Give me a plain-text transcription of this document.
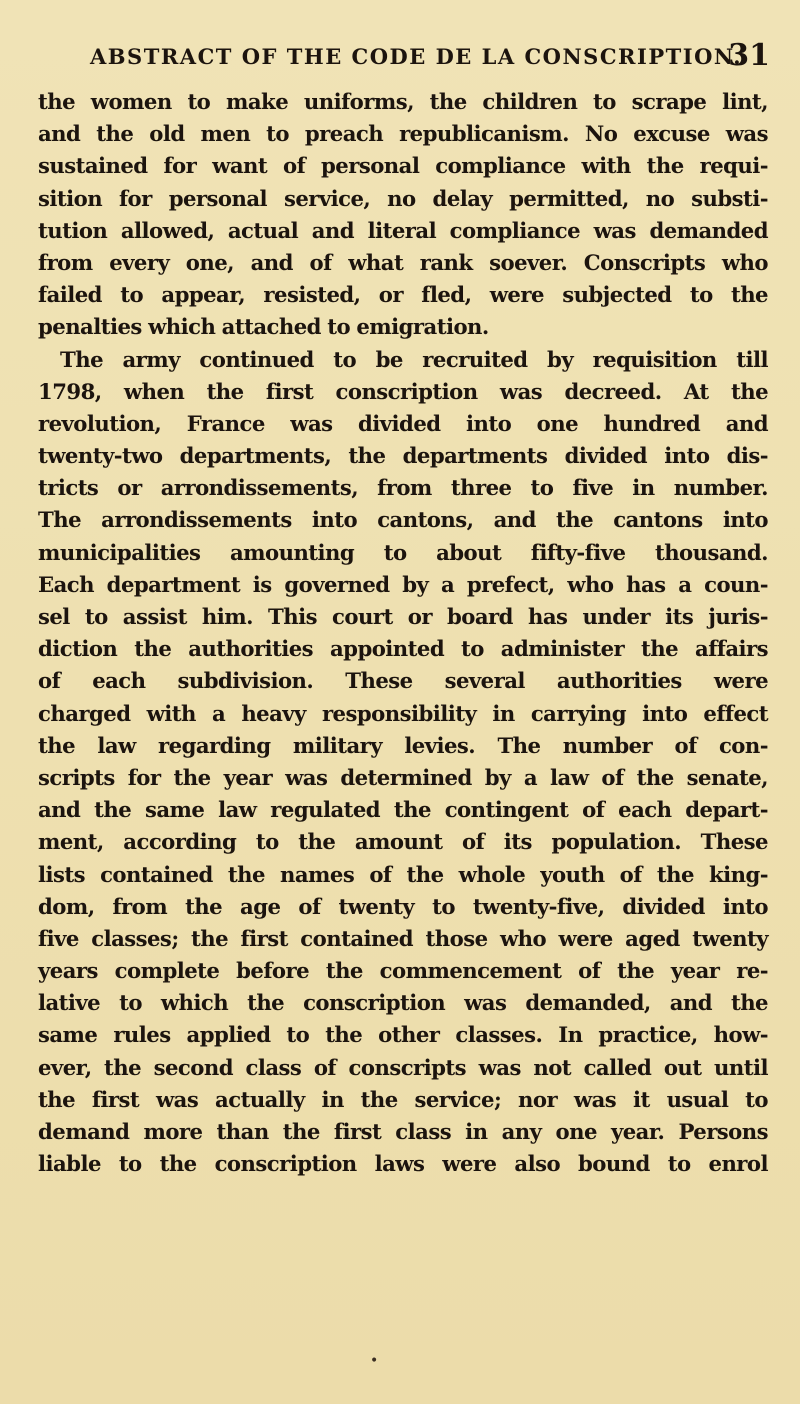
ABSTRACT OF THE CODE DE LA CONSCRIPTION.
31
the women to make uniforms, the children to scrape lint,
and the old men to preach republicanism. No excuse was
sustained for want of personal compliance with the requi-
sition for personal service, no delay permitted, no substi-
tution allowed, actual and literal compliance was demanded
from every one, and of what rank soever. Conscripts who
failed to appear, resisted, or fled, were subjected to the
penalties which attached to emigration.
The army continued to be recruited by requisition till
1798, when the first conscription was decreed. At the
revolution, France was divided into one hundred and
twenty-two departments, the departments divided into dis-
tricts or arrondissements, from three to five in number.
The arrondissements into cantons, and the cantons into
municipalities amounting to about fifty-five thousand.
Each department is governed by a prefect, who has a coun-
sel to assist him. This court or board has under its juris-
diction the authorities appointed to administer the affairs
of each subdivision. These several authorities were
charged with a heavy responsibility in carrying into effect
the law regarding military levies. The number of con-
scripts for the year was determined by a law of the senate,
and the same law regulated the contingent of each depart-
ment, according to the amount of its population. These
lists contained the names of the whole youth of the king-
dom, from the age of twenty to twenty-five, divided into
five classes; the first contained those who were aged twenty
years complete before the commencement of the year re-
lative to which the conscription was demanded, and the
same rules applied to the other classes. In practice, how-
ever, the second class of conscripts was not called out until
the first was actually in the service; nor was it usual to
demand more than the first class in any one year. Persons
liable to the conscription laws were also bound to enrol
•
